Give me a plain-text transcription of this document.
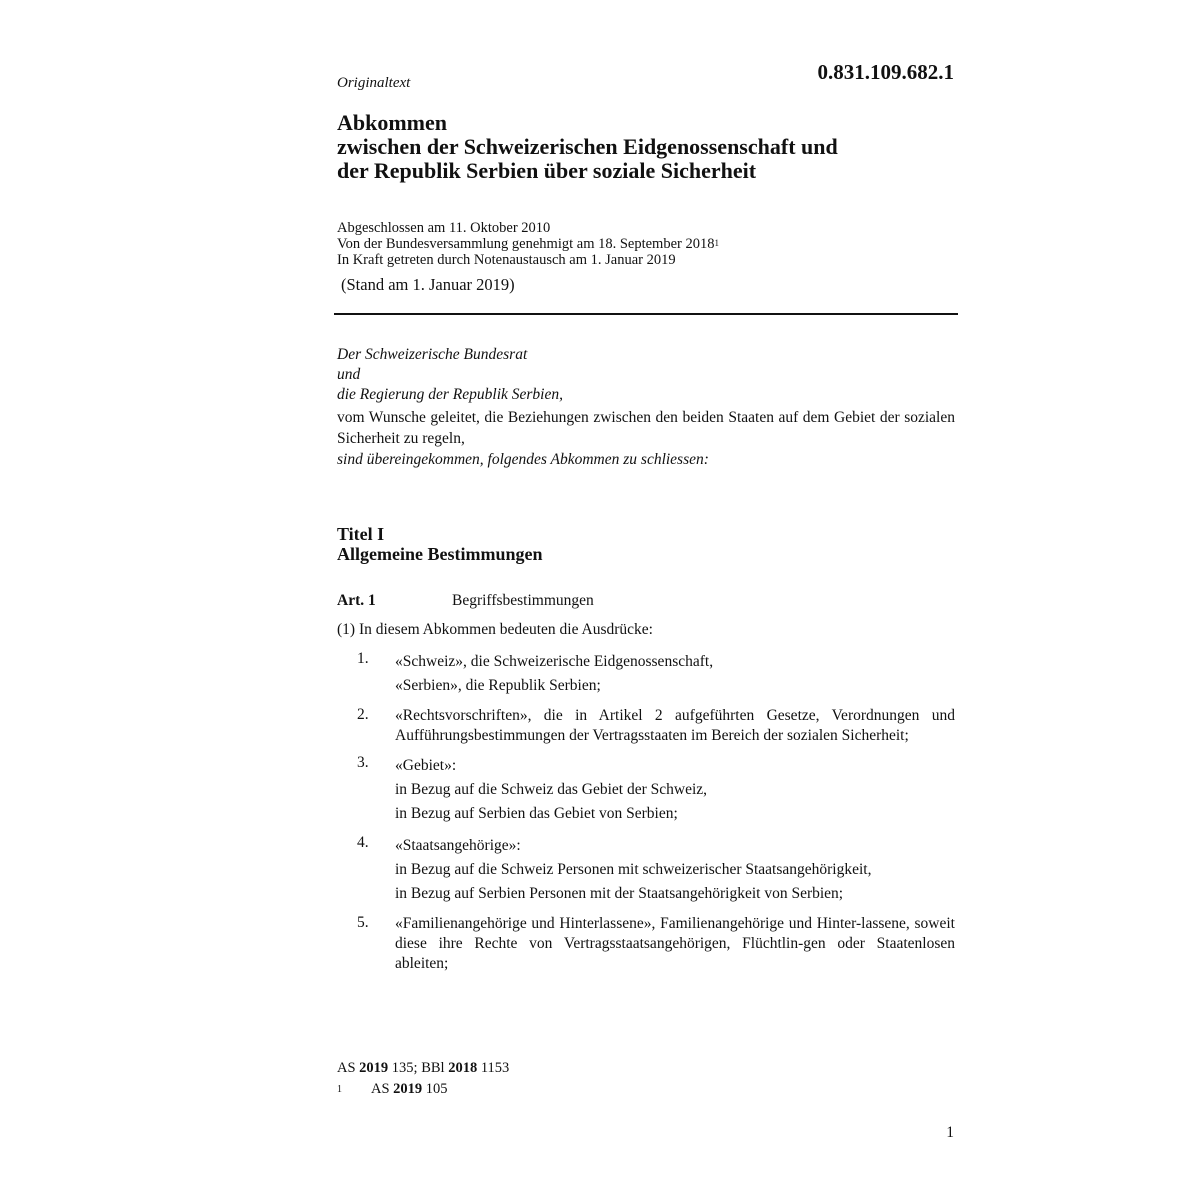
Originaltext	0.831.109.682.1
Abkommen
zwischen der Schweizerischen Eidgenossenschaft und
der Republik Serbien über soziale Sicherheit
Abgeschlossen am 11. Oktober 2010
Von der Bundesversammlung genehmigt am 18. September 2018$^1$
In Kraft getreten durch Notenaustausch am 1. Januar 2019
(Stand am 1. Januar 2019)
Der Schweizerische Bundesrat
und
die Regierung der Republik Serbien,
vom Wunsche geleitet, die Beziehungen zwischen den beiden Staaten auf dem Gebiet der sozialen Sicherheit zu regeln,
sind übereingekommen, folgendes Abkommen zu schliessen:
Titel I
Allgemeine Bestimmungen
Art. 1	Begriffsbestimmungen
(1) In diesem Abkommen bedeuten die Ausdrücke:
1. «Schweiz», die Schweizerische Eidgenossenschaft,
«Serbien», die Republik Serbien;
2. «Rechtsvorschriften», die in Artikel 2 aufgeführten Gesetze, Verordnungen und Aufführungsbestimmungen der Vertragsstaaten im Bereich der sozialen Sicherheit;
3. «Gebiet»:
in Bezug auf die Schweiz das Gebiet der Schweiz,
in Bezug auf Serbien das Gebiet von Serbien;
4. «Staatsangehörige»:
in Bezug auf die Schweiz Personen mit schweizerischer Staatsangehörigkeit,
in Bezug auf Serbien Personen mit der Staatsangehörigkeit von Serbien;
5. «Familienangehörige und Hinterlassene», Familienangehörige und Hinter-lassene, soweit diese ihre Rechte von Vertragsstaatsangehörigen, Flüchtlin-gen oder Staatenlosen ableiten;
AS 2019 135; BBl 2018 1153
1 AS 2019 105
1
